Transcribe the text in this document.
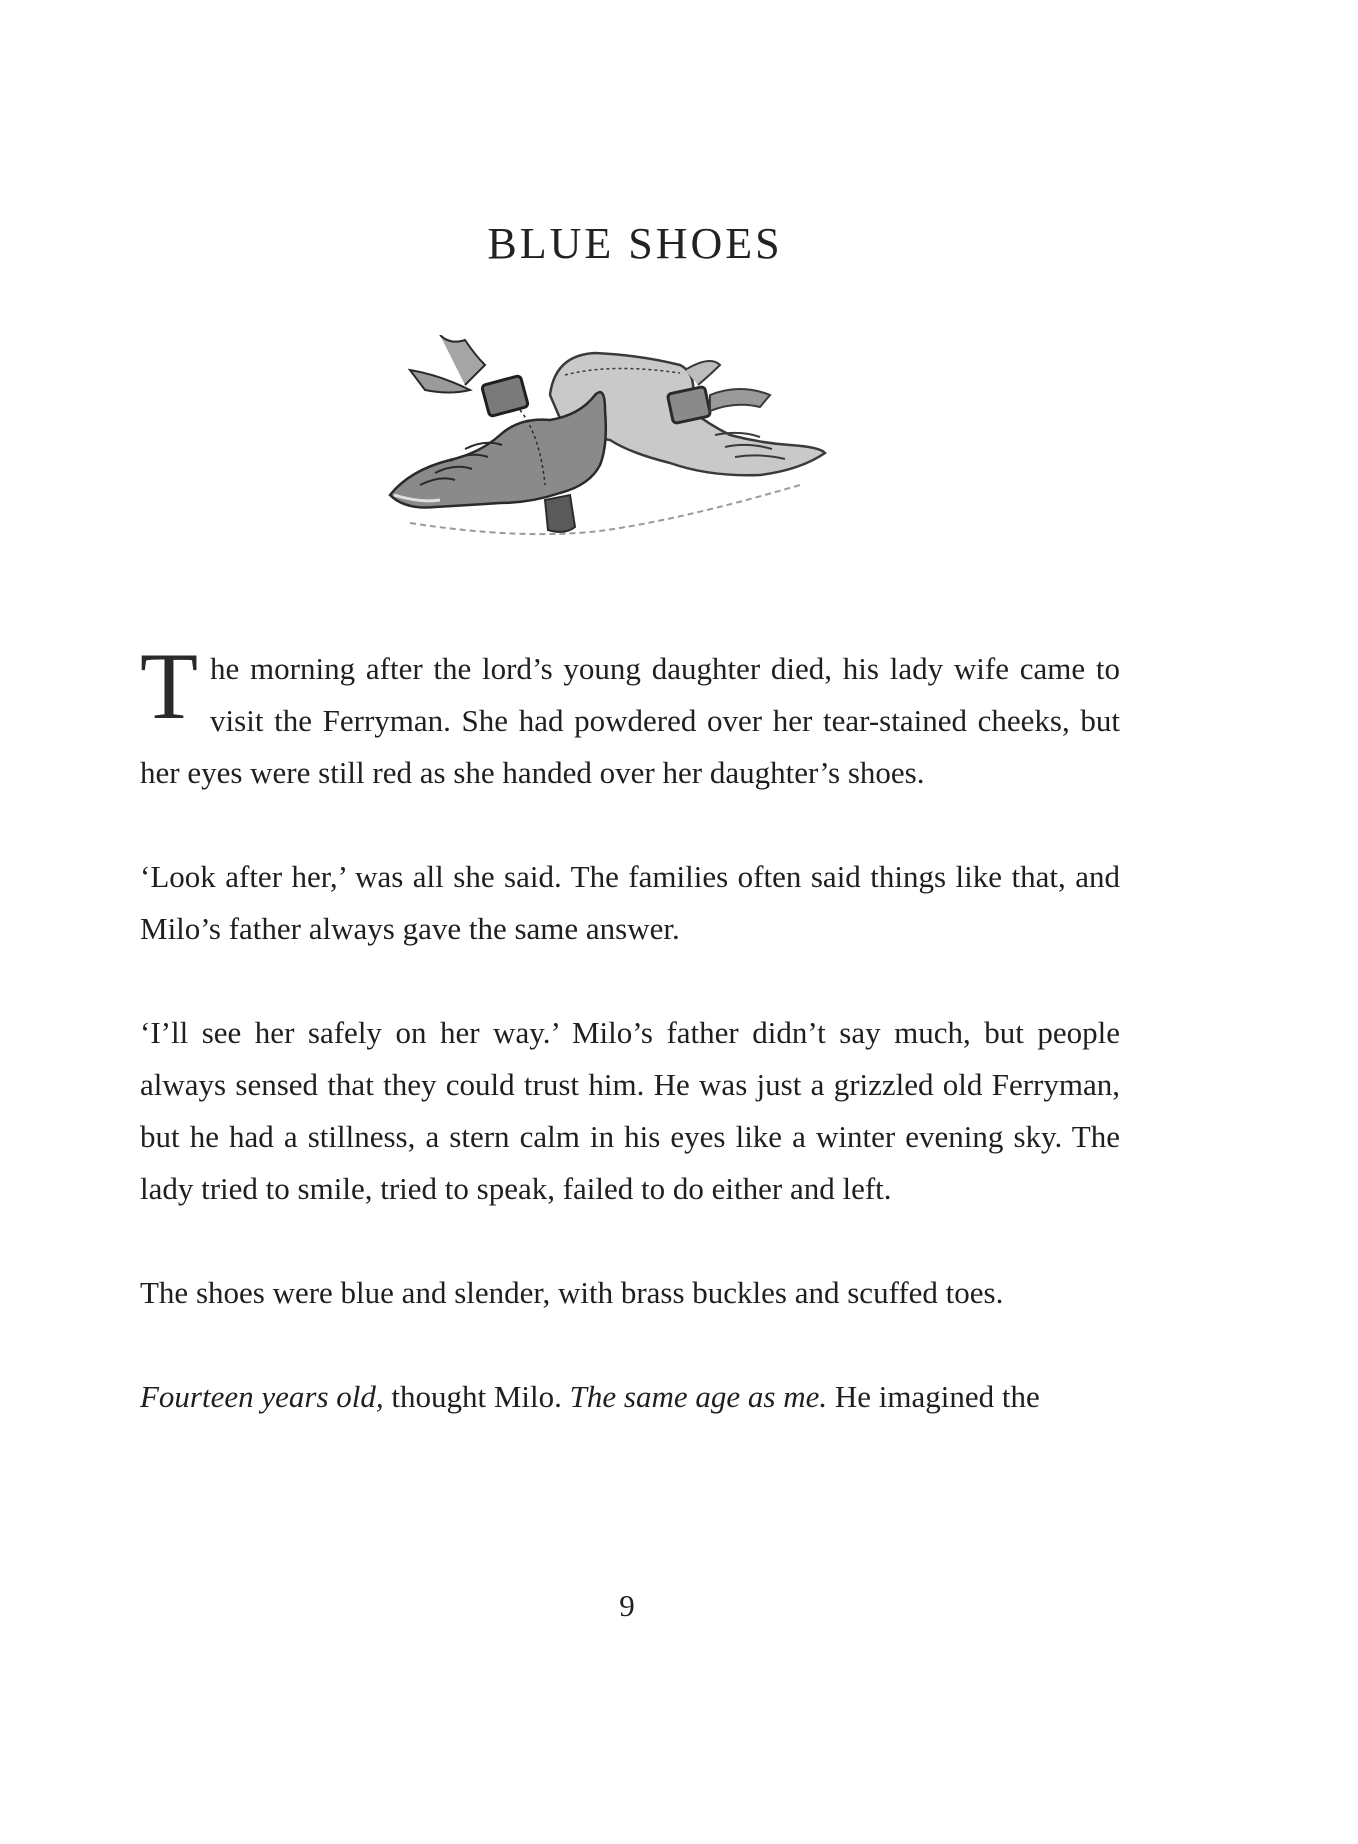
BLUE SHOES

The morning after the lord’s young daughter died, his lady wife came to visit the Ferryman. She had powdered over her tear-stained cheeks, but her eyes were still red as she handed over her daughter’s shoes.

‘Look after her,’ was all she said. The families often said things like that, and Milo’s father always gave the same answer.

‘I’ll see her safely on her way.’ Milo’s father didn’t say much, but people always sensed that they could trust him. He was just a grizzled old Ferryman, but he had a stillness, a stern calm in his eyes like a winter evening sky. The lady tried to smile, tried to speak, failed to do either and left.

The shoes were blue and slender, with brass buckles and scuffed toes.

Fourteen years old, thought Milo. The same age as me. He imagined the

9
